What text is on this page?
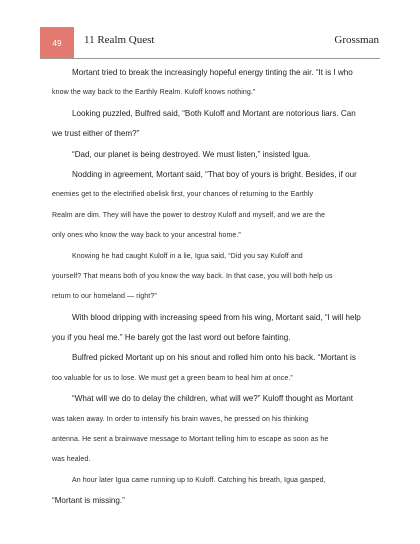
49 11 Realm Quest	Grossman
Mortant tried to break the increasingly hopeful energy tinting the air. “It is I who
know the way back to the Earthly Realm. Kuloff knows nothing.”
Looking puzzled, Bulfred said, “Both Kuloff and Mortant are notorious liars. Can
we trust either of them?”
“Dad, our planet is being destroyed. We must listen,” insisted Igua.
Nodding in agreement, Mortant said, “That boy of yours is bright. Besides, if our
enemies get to the electrified obelisk first, your chances of returning to the Earthly
Realm are dim. They will have the power to destroy Kuloff and myself, and we are the
only ones who know the way back to your ancestral home.”
Knowing he had caught Kuloff in a lie, Igua said, “Did you say Kuloff and
yourself? That means both of you know the way back. In that case, you will both help us
return to our homeland — right?”
With blood dripping with increasing speed from his wing, Mortant said, “I will help
you if you heal me.” He barely got the last word out before fainting.
Bulfred picked Mortant up on his snout and rolled him onto his back. “Mortant is
too valuable for us to lose. We must get a green beam to heal him at once.”
“What will we do to delay the children, what will we?” Kuloff thought as Mortant
was taken away. In order to intensify his brain waves, he pressed on his thinking
antenna. He sent a brainwave message to Mortant telling him to escape as soon as he
was healed.
An hour later Igua came running up to Kuloff. Catching his breath, Igua gasped,
“Mortant is missing.”
